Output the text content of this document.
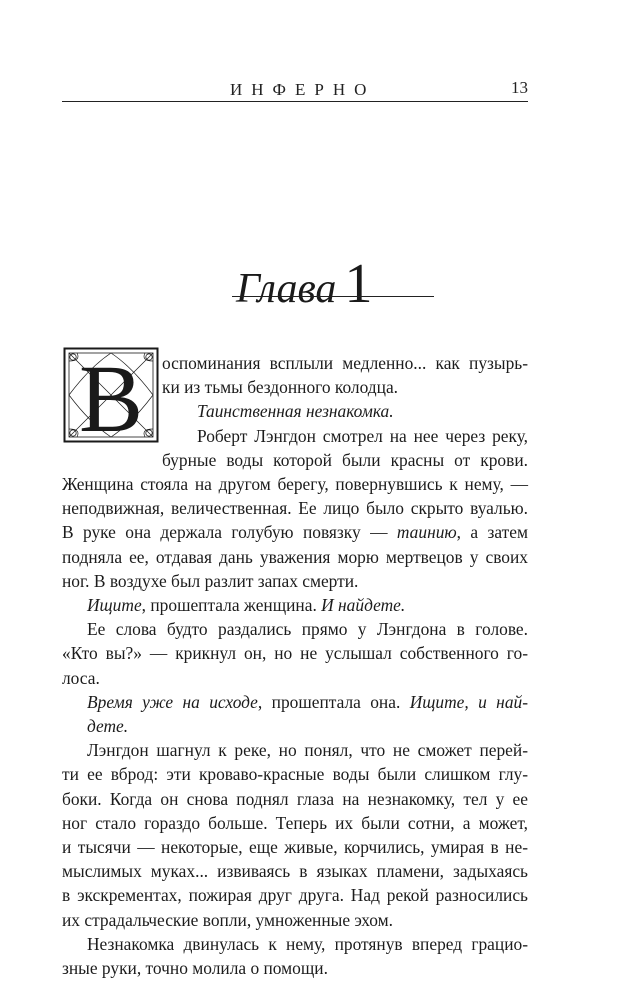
ИНФЕРНО	13
Глава 1
В оспоминания всплыли медленно... как пузырь-
ки из тьмы бездонного колодца.
Таинственная незнакомка.
Роберт Лэнгдон смотрел на нее через реку,
бурные воды которой были красны от крови.
Женщина стояла на другом берегу, повернувшись к нему, —
неподвижная, величественная. Ее лицо было скрыто вуалью.
В руке она держала голубую повязку — таинию, а затем
подняла ее, отдавая дань уважения морю мертвецов у своих
ног. В воздухе был разлит запах смерти.
Ищите, прошептала женщина. И найдете.
Ее слова будто раздались прямо у Лэнгдона в голове.
«Кто вы?» — крикнул он, но не услышал собственного го-
лоса.
Время уже на исходе, прошептала она. Ищите, и най-
дете.
Лэнгдон шагнул к реке, но понял, что не сможет перей-
ти ее вброд: эти кроваво-красные воды были слишком глу-
боки. Когда он снова поднял глаза на незнакомку, тел у ее
ног стало гораздо больше. Теперь их были сотни, а может,
и тысячи — некоторые, еще живые, корчились, умирая в не-
мыслимых муках... извиваясь в языках пламени, задыхаясь
в экскрементах, пожирая друг друга. Над рекой разносились
их страдальческие вопли, умноженные эхом.
Незнакомка двинулась к нему, протянув вперед грацио-
зные руки, точно молила о помощи.
